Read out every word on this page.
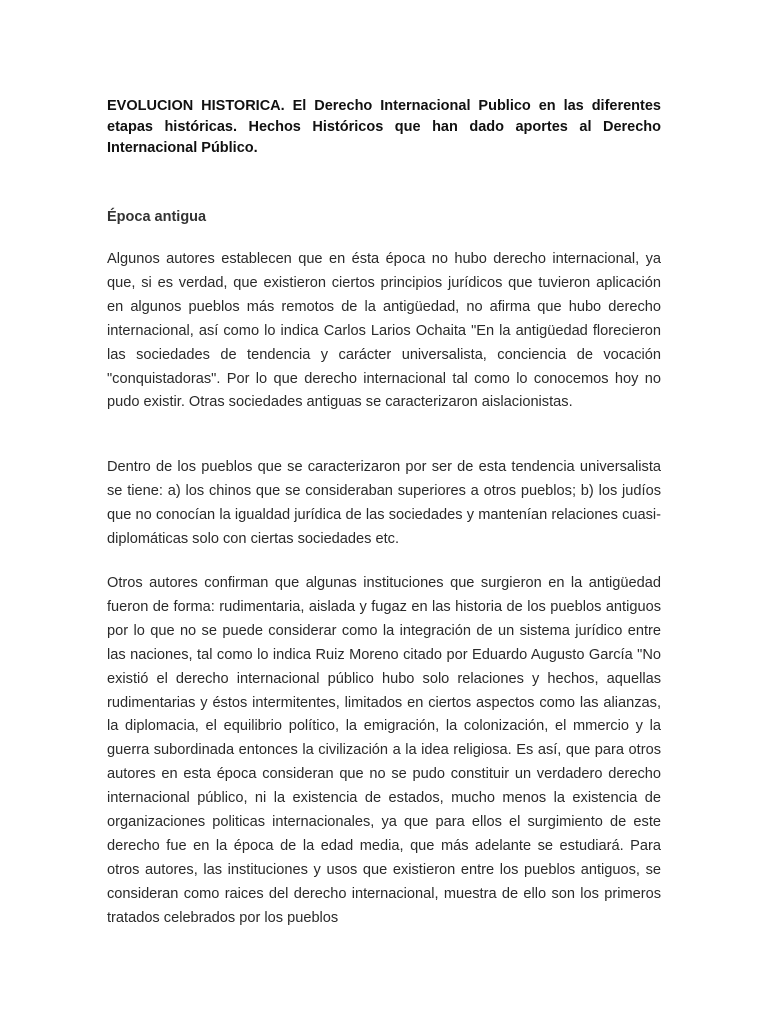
EVOLUCION HISTORICA. El Derecho Internacional Publico en las diferentes etapas históricas. Hechos Históricos que han dado aportes al Derecho Internacional Público.
Época antigua

Algunos autores establecen que en ésta época no hubo derecho internacional, ya que, si es verdad, que existieron ciertos principios jurídicos que tuvieron aplicación en algunos pueblos más remotos de la antigüedad, no afirma que hubo derecho internacional, así como lo indica Carlos Larios Ochaita "En la antigüedad florecieron las sociedades de tendencia y carácter universalista, conciencia de vocación "conquistadoras". Por lo que derecho internacional tal como lo conocemos hoy no pudo existir. Otras sociedades antiguas se caracterizaron aislacionistas.

Dentro de los pueblos que se caracterizaron por ser de esta tendencia universalista se tiene: a) los chinos que se consideraban superiores a otros pueblos; b) los judíos que no conocían la igualdad jurídica de las sociedades y mantenían relaciones cuasi- diplomáticas solo con ciertas sociedades etc.

Otros autores confirman que algunas instituciones que surgieron en la antigüedad fueron de forma: rudimentaria, aislada y fugaz en las historia de los pueblos antiguos por lo que no se puede considerar como la integración de un sistema jurídico entre las naciones, tal como lo indica Ruiz Moreno citado por Eduardo Augusto García "No existió el derecho internacional público hubo solo relaciones y hechos, aquellas rudimentarias y éstos intermitentes, limitados en ciertos aspectos como las alianzas, la diplomacia, el equilibrio político, la emigración, la colonización, el mmercio y la guerra subordinada entonces la civilización a la idea religiosa. Es así, que para otros autores en esta época consideran que no se pudo constituir un verdadero derecho internacional público, ni la existencia de estados, mucho menos la existencia de organizaciones politicas internacionales, ya que para ellos el surgimiento de este derecho fue en la época de la edad media, que más adelante se estudiará. Para otros autores, las instituciones y usos que existieron entre los pueblos antiguos, se consideran como raices del derecho internacional, muestra de ello son los primeros tratados celebrados por los pueblos
